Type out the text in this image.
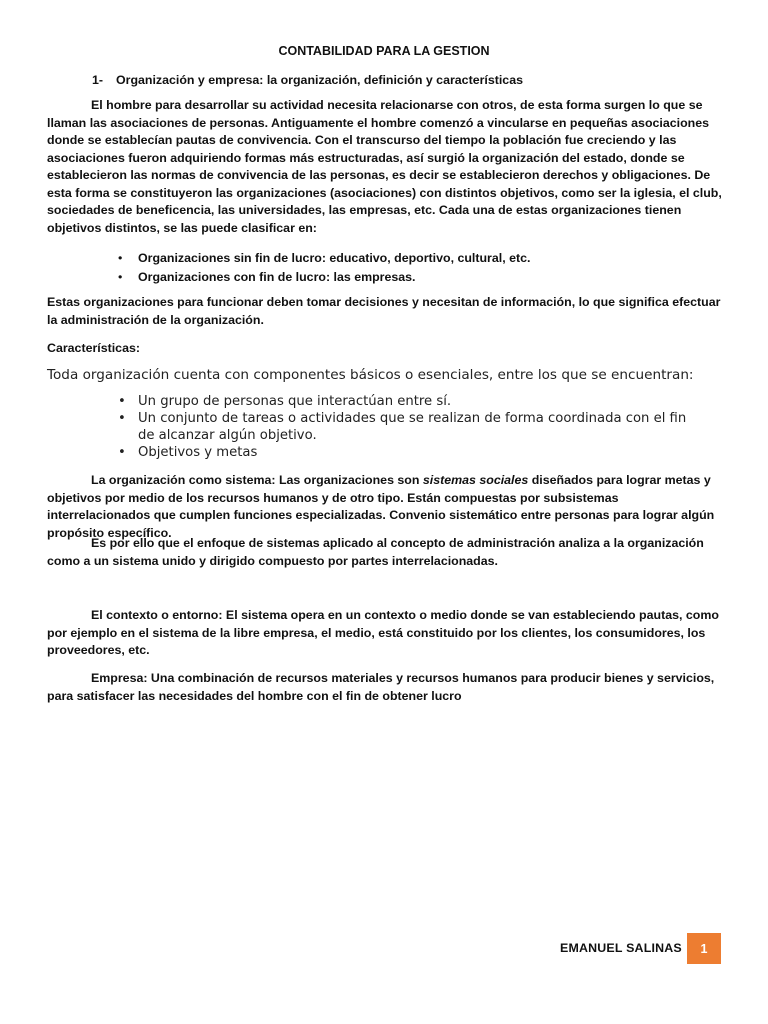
CONTABILIDAD PARA LA GESTION
1- Organización y empresa: la organización, definición y características

El hombre para desarrollar su actividad necesita relacionarse con otros, de esta forma surgen lo que se llaman las asociaciones de personas. Antiguamente el hombre comenzó a vincularse en pequeñas asociaciones donde se establecían pautas de convivencia. Con el transcurso del tiempo la población fue creciendo y las asociaciones fueron adquiriendo formas más estructuradas, así surgió la organización del estado, donde se establecieron las normas de convivencia de las personas, es decir se establecieron derechos y obligaciones. De esta forma se constituyeron las organizaciones (asociaciones) con distintos objetivos, como ser la iglesia, el club, sociedades de beneficencia, las universidades, las empresas, etc. Cada una de estas organizaciones tienen objetivos distintos, se las puede clasificar en:

• Organizaciones sin fin de lucro: educativo, deportivo, cultural, etc.
• Organizaciones con fin de lucro: las empresas.

Estas organizaciones para funcionar deben tomar decisiones y necesitan de información, lo que significa efectuar la administración de la organización.

Características:

Toda organización cuenta con componentes básicos o esenciales, entre los que se encuentran:

• Un grupo de personas que interactúan entre sí.
• Un conjunto de tareas o actividades que se realizan de forma coordinada con el fin de alcanzar algún objetivo.
• Objetivos y metas

La organización como sistema: Las organizaciones son sistemas sociales diseñados para lograr metas y objetivos por medio de los recursos humanos y de otro tipo. Están compuestas por subsistemas interrelacionados que cumplen funciones especializadas. Convenio sistemático entre personas para lograr algún propósito específico.

Es por ello que el enfoque de sistemas aplicado al concepto de administración analiza a la organización como a un sistema unido y dirigido compuesto por partes interrelacionadas.

El contexto o entorno: El sistema opera en un contexto o medio donde se van estableciendo pautas, como por ejemplo en el sistema de la libre empresa, el medio, está constituido por los clientes, los consumidores, los proveedores, etc.

Empresa: Una combinación de recursos materiales y recursos humanos para producir bienes y servicios, para satisfacer las necesidades del hombre con el fin de obtener lucro

EMANUEL SALINAS	1
